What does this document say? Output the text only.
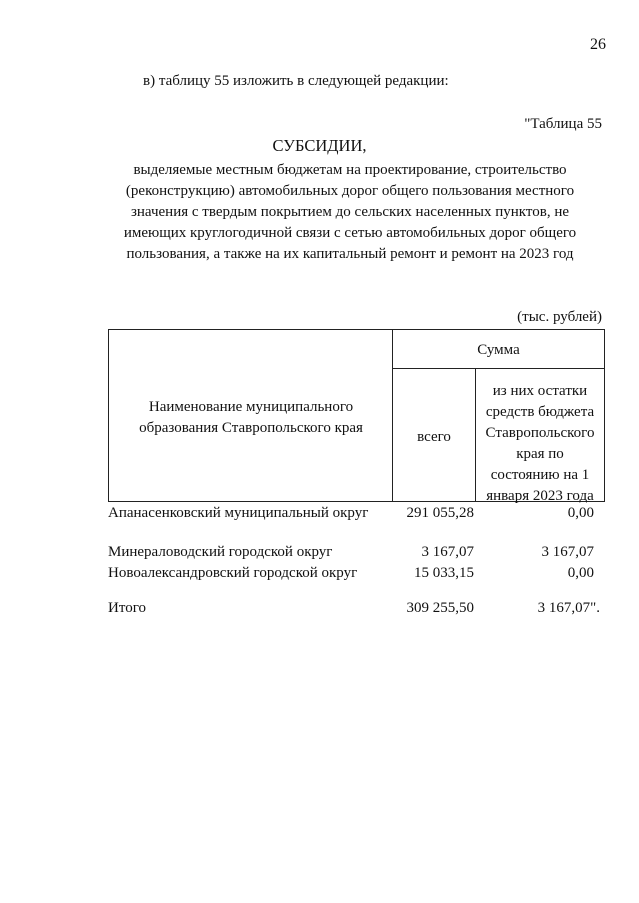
26
в) таблицу 55 изложить в следующей редакции:
"Таблица 55
СУБСИДИИ,
выделяемые местным бюджетам на проектирование, строительство (реконструкцию) автомобильных дорог общего пользования местного значения с твердым покрытием до сельских населенных пунктов, не имеющих круглогодичной связи с сетью автомобильных дорог общего пользования, а также на их капитальный ремонт и ремонт на 2023 год
(тыс. рублей)
Наименование муниципального образования Ставропольского края
Сумма
всего
из них остатки средств бюджета Ставропольского края по состоянию на 1 января 2023 года
Апанасенковский муниципальный округ	291 055,28	0,00
Минераловодский городской округ	3 167,07	3 167,07
Новоалександровский городской округ	15 033,15	0,00
Итого	309 255,50	3 167,07".
